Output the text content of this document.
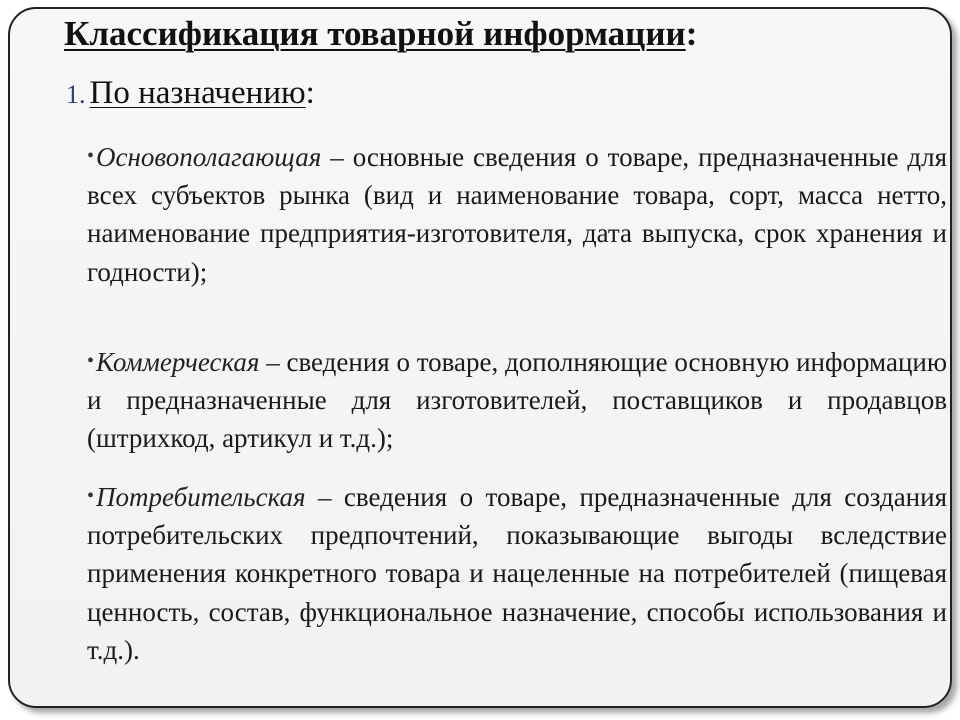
Классификация товарной информации:
1. По назначению:

•Основополагающая – основные сведения о товаре, предназначенные для всех субъектов рынка (вид и наименование товара, сорт, масса нетто, наименование предприятия-изготовителя, дата выпуска, срок хранения и годности);

•Коммерческая – сведения о товаре, дополняющие основную информацию и предназначенные для изготовителей, поставщиков и продавцов (штрихкод, артикул и т.д.);

•Потребительская – сведения о товаре, предназначенные для создания потребительских предпочтений, показывающие выгоды вследствие применения конкретного товара и нацеленные на потребителей (пищевая ценность, состав, функциональное назначение, способы использования и т.д.).
